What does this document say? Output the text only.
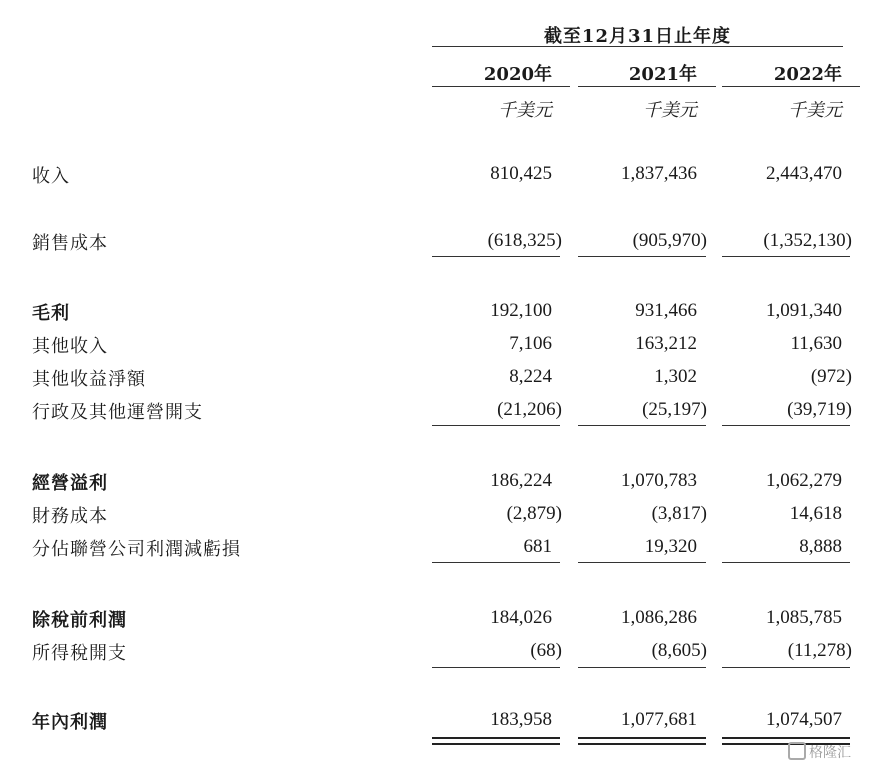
截至12月31日止年度
2020年	2021年	2022年
千美元	千美元	千美元
收入	810,425	1,837,436	2,443,470
銷售成本	(618,325)	(905,970)	(1,352,130)
毛利	192,100	931,466	1,091,340
其他收入	7,106	163,212	11,630
其他收益淨額	8,224	1,302	(972)
行政及其他運營開支	(21,206)	(25,197)	(39,719)
經營溢利	186,224	1,070,783	1,062,279
財務成本	(2,879)	(3,817)	14,618
分佔聯營公司利潤減虧損	681	19,320	8,888
除稅前利潤	184,026	1,086,286	1,085,785
所得稅開支	(68)	(8,605)	(11,278)
年內利潤	183,958	1,077,681	1,074,507
格隆汇
